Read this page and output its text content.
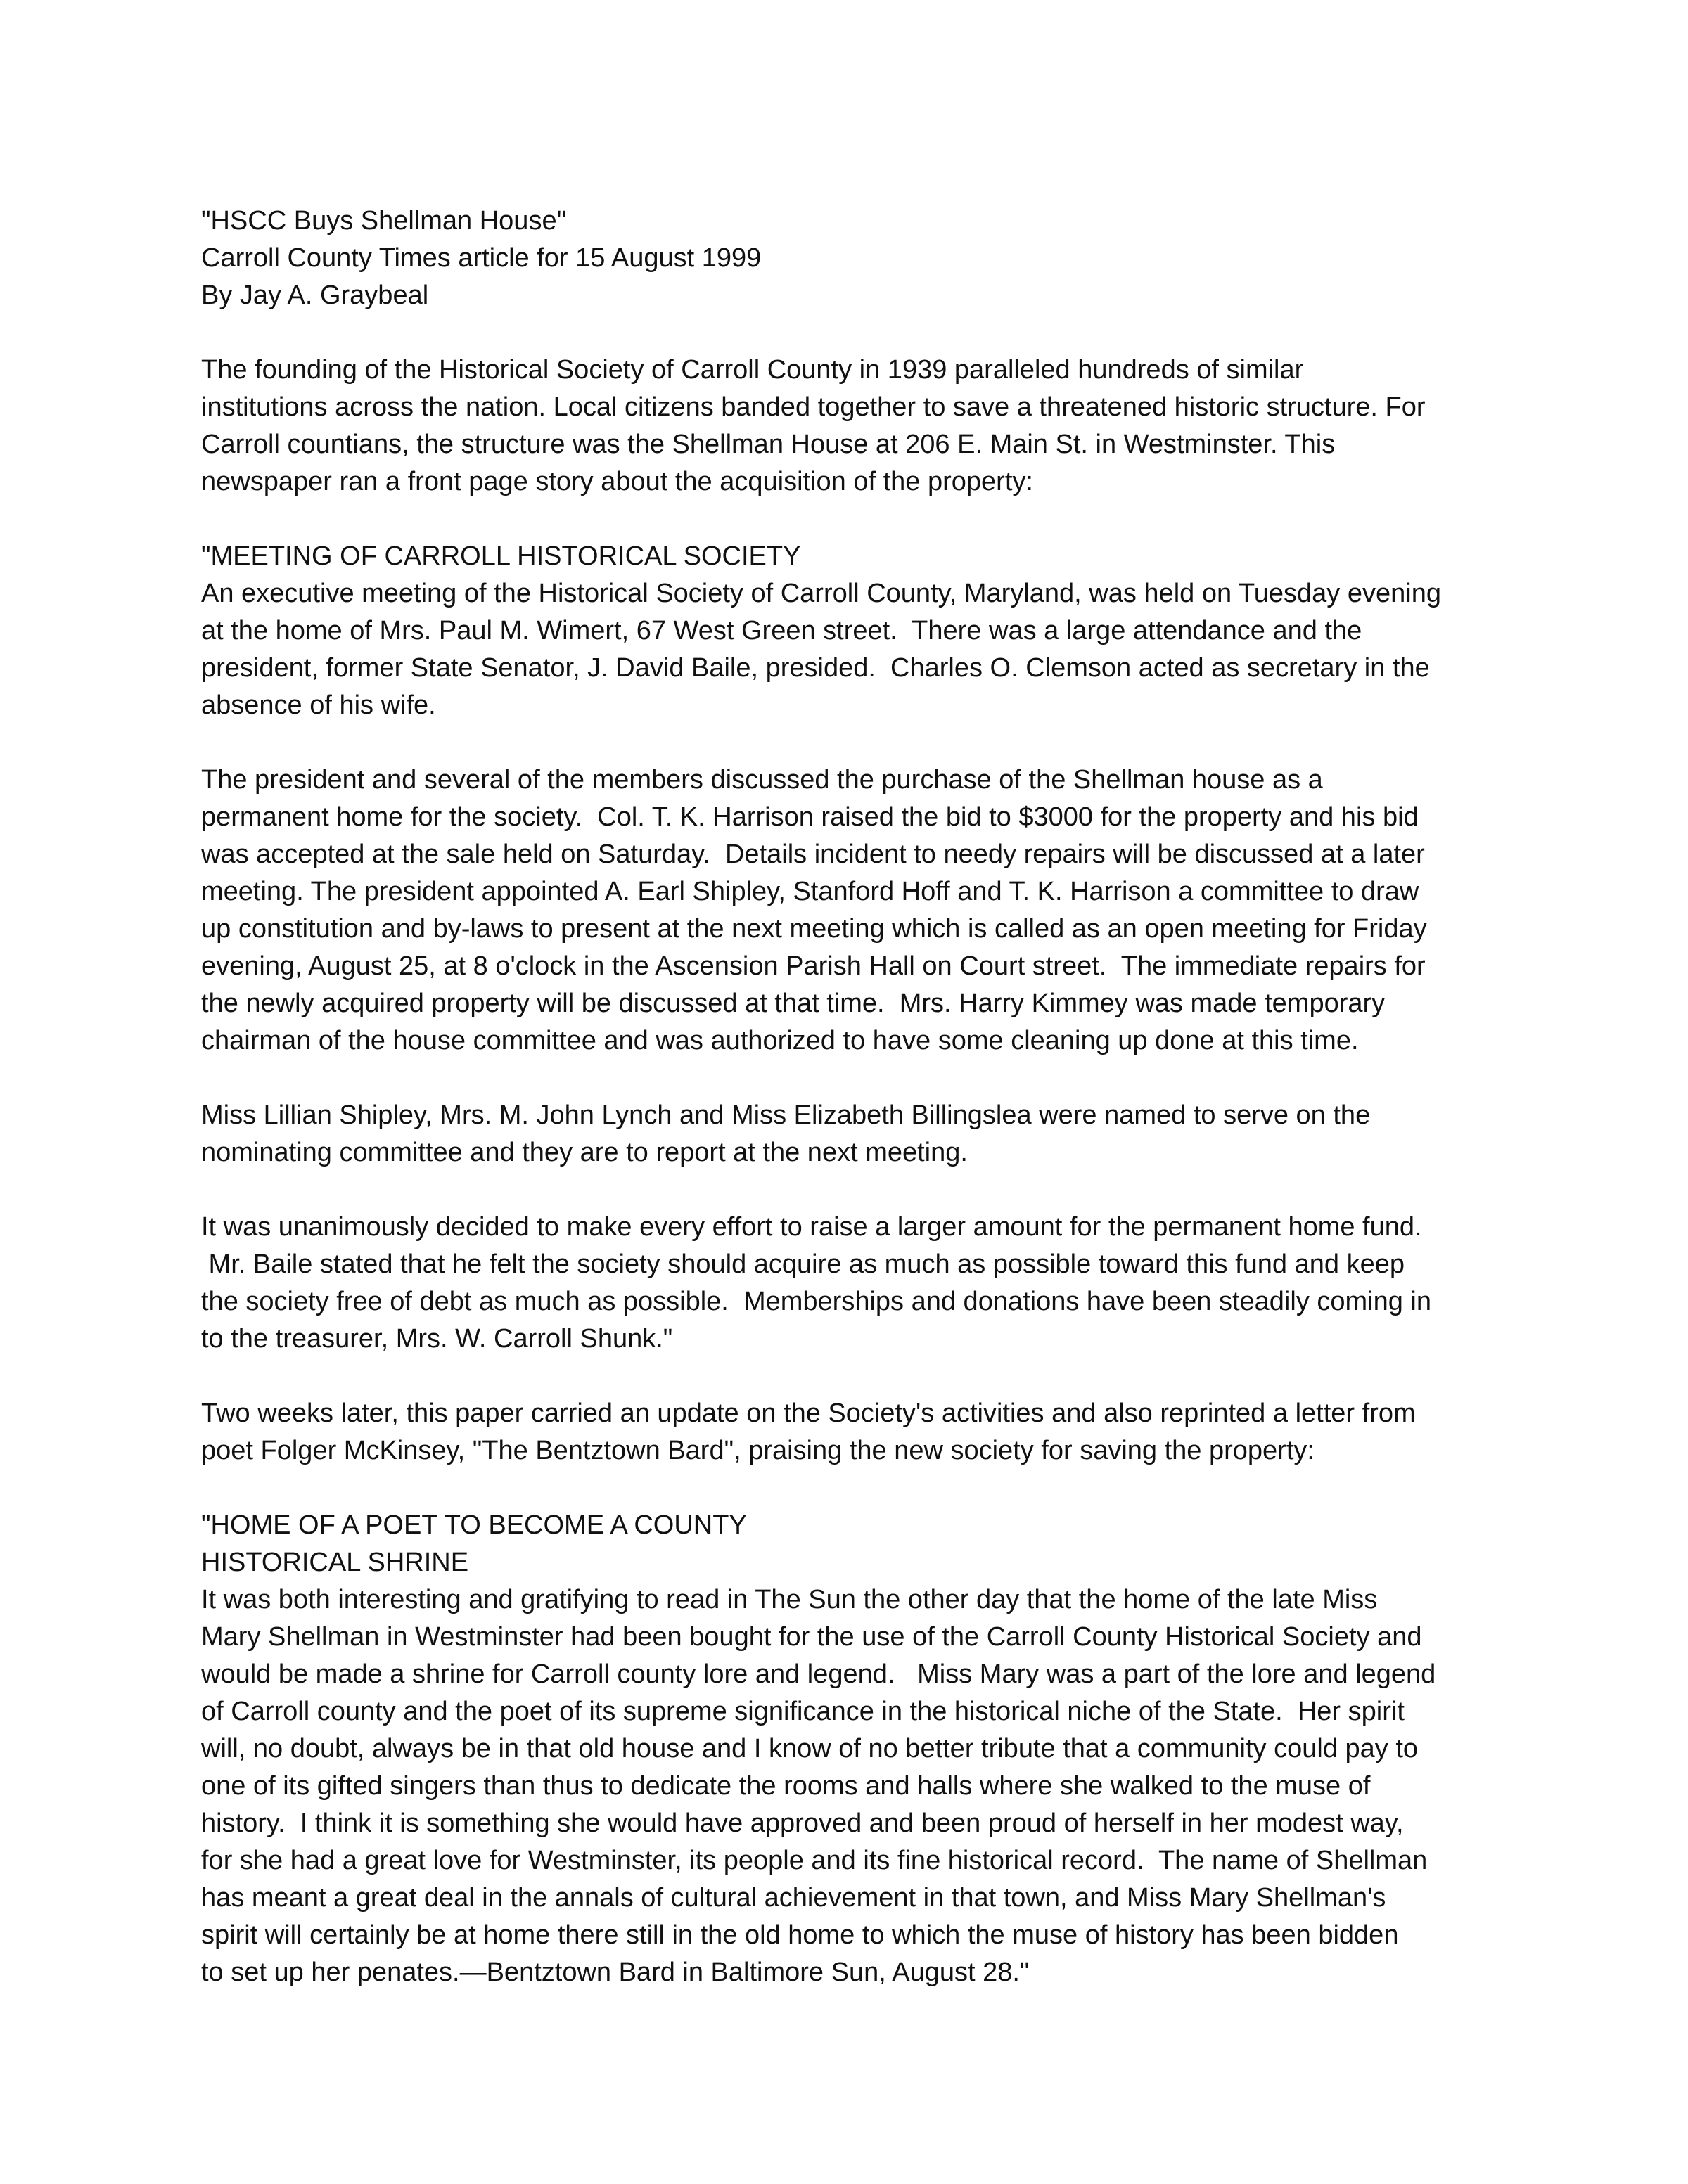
"HSCC Buys Shellman House"
Carroll County Times article for 15 August 1999
By Jay A. Graybeal
The founding of the Historical Society of Carroll County in 1939 paralleled hundreds of similar
institutions across the nation. Local citizens banded together to save a threatened historic structure. For
Carroll countians, the structure was the Shellman House at 206 E. Main St. in Westminster. This
newspaper ran a front page story about the acquisition of the property:
"MEETING OF CARROLL HISTORICAL SOCIETY
An executive meeting of the Historical Society of Carroll County, Maryland, was held on Tuesday evening
at the home of Mrs. Paul M. Wimert, 67 West Green street.  There was a large attendance and the
president, former State Senator, J. David Baile, presided.  Charles O. Clemson acted as secretary in the
absence of his wife.
The president and several of the members discussed the purchase of the Shellman house as a
permanent home for the society.  Col. T. K. Harrison raised the bid to $3000 for the property and his bid
was accepted at the sale held on Saturday.  Details incident to needy repairs will be discussed at a later
meeting. The president appointed A. Earl Shipley, Stanford Hoff and T. K. Harrison a committee to draw
up constitution and by-laws to present at the next meeting which is called as an open meeting for Friday
evening, August 25, at 8 o'clock in the Ascension Parish Hall on Court street.  The immediate repairs for
the newly acquired property will be discussed at that time.  Mrs. Harry Kimmey was made temporary
chairman of the house committee and was authorized to have some cleaning up done at this time.
Miss Lillian Shipley, Mrs. M. John Lynch and Miss Elizabeth Billingslea were named to serve on the
nominating committee and they are to report at the next meeting.
It was unanimously decided to make every effort to raise a larger amount for the permanent home fund.
Mr. Baile stated that he felt the society should acquire as much as possible toward this fund and keep
the society free of debt as much as possible.  Memberships and donations have been steadily coming in
to the treasurer, Mrs. W. Carroll Shunk."
Two weeks later, this paper carried an update on the Society's activities and also reprinted a letter from
poet Folger McKinsey, "The Bentztown Bard", praising the new society for saving the property:
"HOME OF A POET TO BECOME A COUNTY
HISTORICAL SHRINE
It was both interesting and gratifying to read in The Sun the other day that the home of the late Miss
Mary Shellman in Westminster had been bought for the use of the Carroll County Historical Society and
would be made a shrine for Carroll county lore and legend.   Miss Mary was a part of the lore and legend
of Carroll county and the poet of its supreme significance in the historical niche of the State.  Her spirit
will, no doubt, always be in that old house and I know of no better tribute that a community could pay to
one of its gifted singers than thus to dedicate the rooms and halls where she walked to the muse of
history.  I think it is something she would have approved and been proud of herself in her modest way,
for she had a great love for Westminster, its people and its fine historical record.  The name of Shellman
has meant a great deal in the annals of cultural achievement in that town, and Miss Mary Shellman's
spirit will certainly be at home there still in the old home to which the muse of history has been bidden
to set up her penates.—Bentztown Bard in Baltimore Sun, August 28."
